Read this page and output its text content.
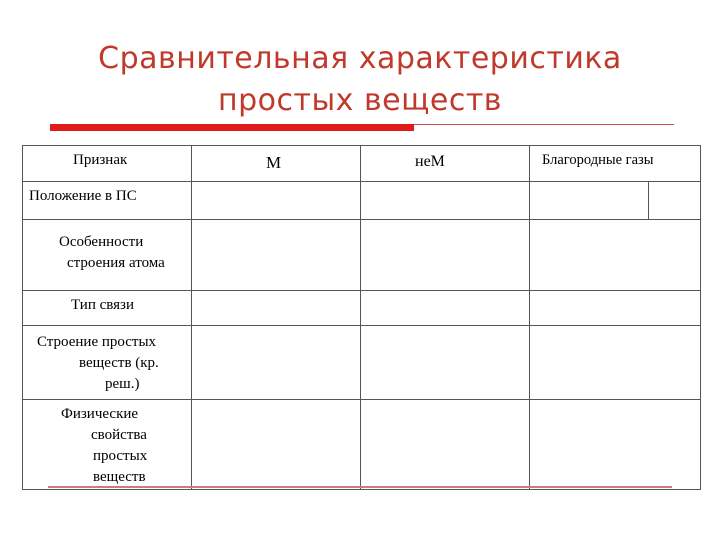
Сравнительная характеристика
простых веществ
Признак	М	неМ	Благородные газы	

Положение в ПС				

Особенности
строения атома				

Тип связи				

Строение простых
веществ (кр.
реш.)				

Физические
свойства
простых
веществ				
